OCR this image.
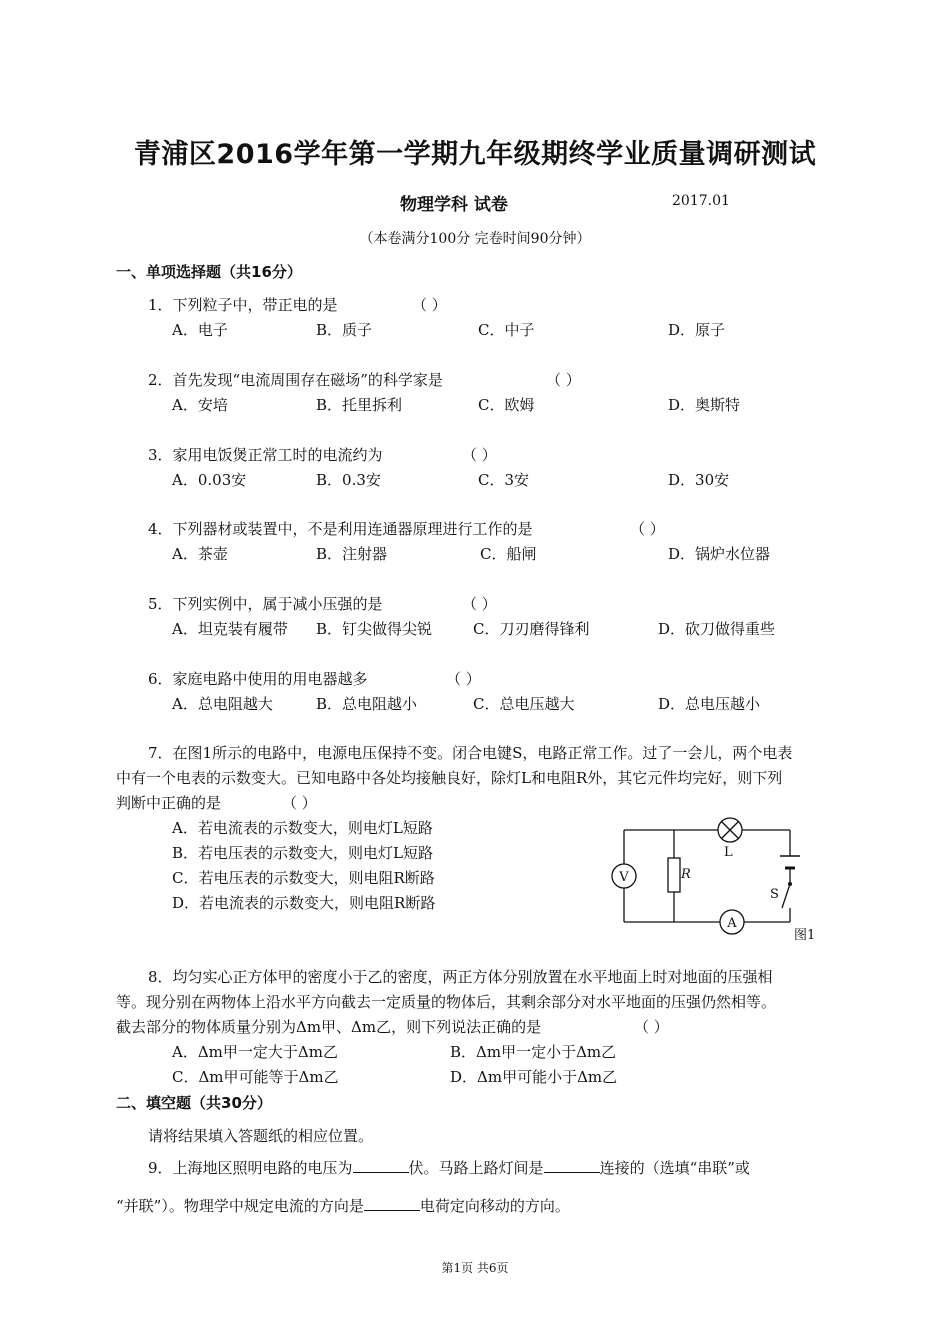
青浦区2016学年第一学期九年级期终学业质量调研测试
物理学科 试卷	2017.01
（本卷满分100分 完卷时间90分钟）
一、单项选择题（共16分）
1．下列粒子中，带正电的是	（ ）
A．电子	B．质子	C．中子	D．原子
2．首先发现“电流周围存在磁场”的科学家是	（ ）
A．安培	B．托里拆利	C．欧姆	D．奥斯特
3．家用电饭煲正常工时的电流约为	（ ）
A．0.03安	B．0.3安	C．3安	D．30安
4．下列器材或装置中，不是利用连通器原理进行工作的是	（ ）
A．茶壶	B．注射器	C．船闸	D．锅炉水位器
5．下列实例中，属于减小压强的是	（ ）
A．坦克装有履带 B．钉尖做得尖锐	C．刀刃磨得锋利	D．砍刀做得重些
6．家庭电路中使用的用电器越多	（ ）
A．总电阻越大	B．总电阻越小	C．总电压越大	D．总电压越小
7．在图1所示的电路中，电源电压保持不变。闭合电键S，电路正常工作。过了一会儿，两个电表
中有一个电表的示数变大。已知电路中各处均接触良好，除灯L和电阻R外，其它元件均完好，则下列
判断中正确的是	（ ）
A．若电流表的示数变大，则电灯L短路
B．若电压表的示数变大，则电灯L短路
C．若电压表的示数变大，则电阻R断路
D．若电流表的示数变大，则电阻R断路
V
A
R
L
S
图1
8．均匀实心正方体甲的密度小于乙的密度，两正方体分别放置在水平地面上时对地面的压强相
等。现分别在两物体上沿水平方向截去一定质量的物体后，其剩余部分对水平地面的压强仍然相等。
截去部分的物体质量分别为Δm甲、Δm乙，则下列说法正确的是	（ ）
A．Δm甲一定大于Δm乙	B．Δm甲一定小于Δm乙
C．Δm甲可能等于Δm乙	D．Δm甲可能小于Δm乙
二、填空题（共30分）
请将结果填入答题纸的相应位置。
9．上海地区照明电路的电压为	伏。马路上路灯间是	连接的（选填“串联”或
“并联”）。物理学中规定电流的方向是	电荷定向移动的方向。
第1页 共6页
